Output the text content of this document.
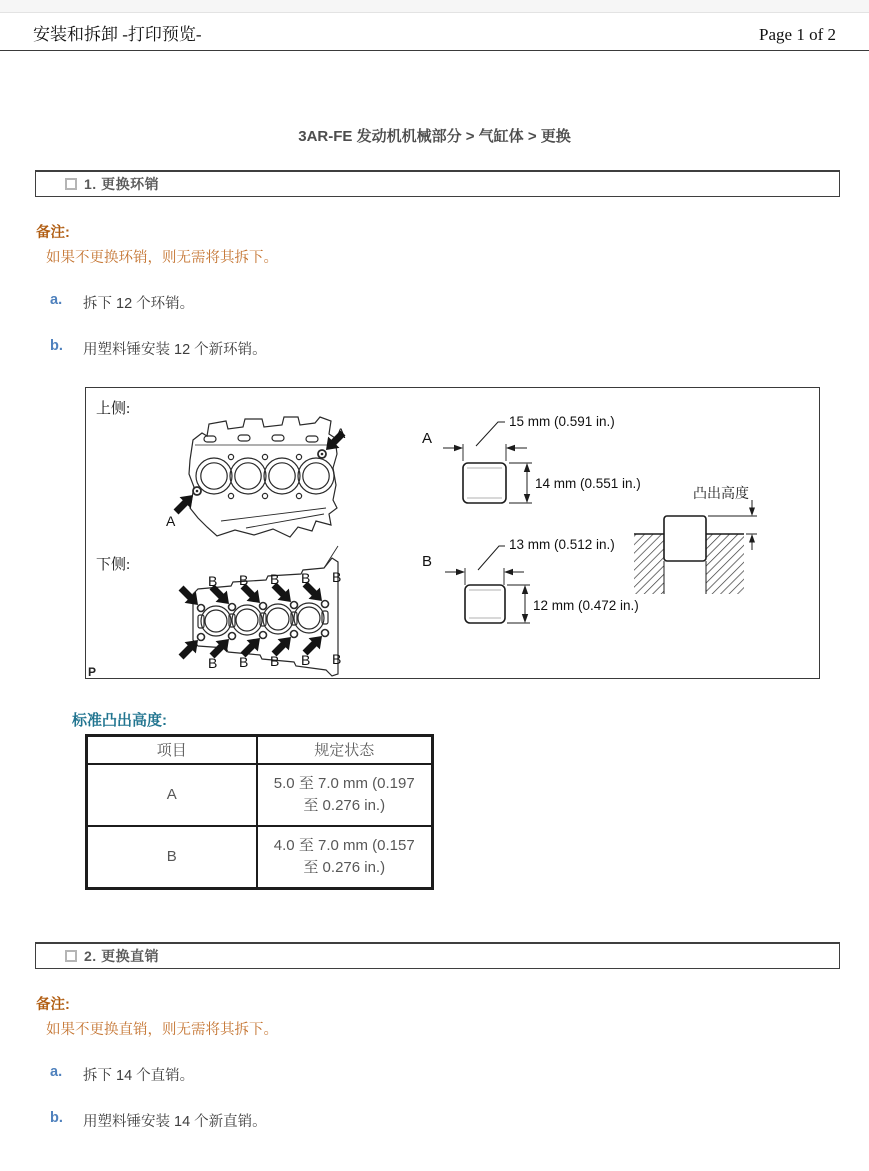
安装和拆卸 -打印预览-	Page 1 of 2
3AR-FE 发动机机械部分 > 气缸体 > 更换
1. 更换环销
备注:
如果不更换环销，则无需将其拆下。
a.	拆下 12 个环销。
b.	用塑料锤安装 12 个新环销。
上侧:
下侧:
P
A
A
B B B B B
B B B B B
A
15 mm (0.591 in.)
14 mm (0.551 in.)
B
13 mm (0.512 in.)
12 mm (0.472 in.)
凸出高度
标准凸出高度:
项目	规定状态
A	5.0 至 7.0 mm (0.197 至 0.276 in.)
B	4.0 至 7.0 mm (0.157 至 0.276 in.)
2. 更换直销
备注:
如果不更换直销，则无需将其拆下。
a.	拆下 14 个直销。
b.	用塑料锤安装 14 个新直销。
